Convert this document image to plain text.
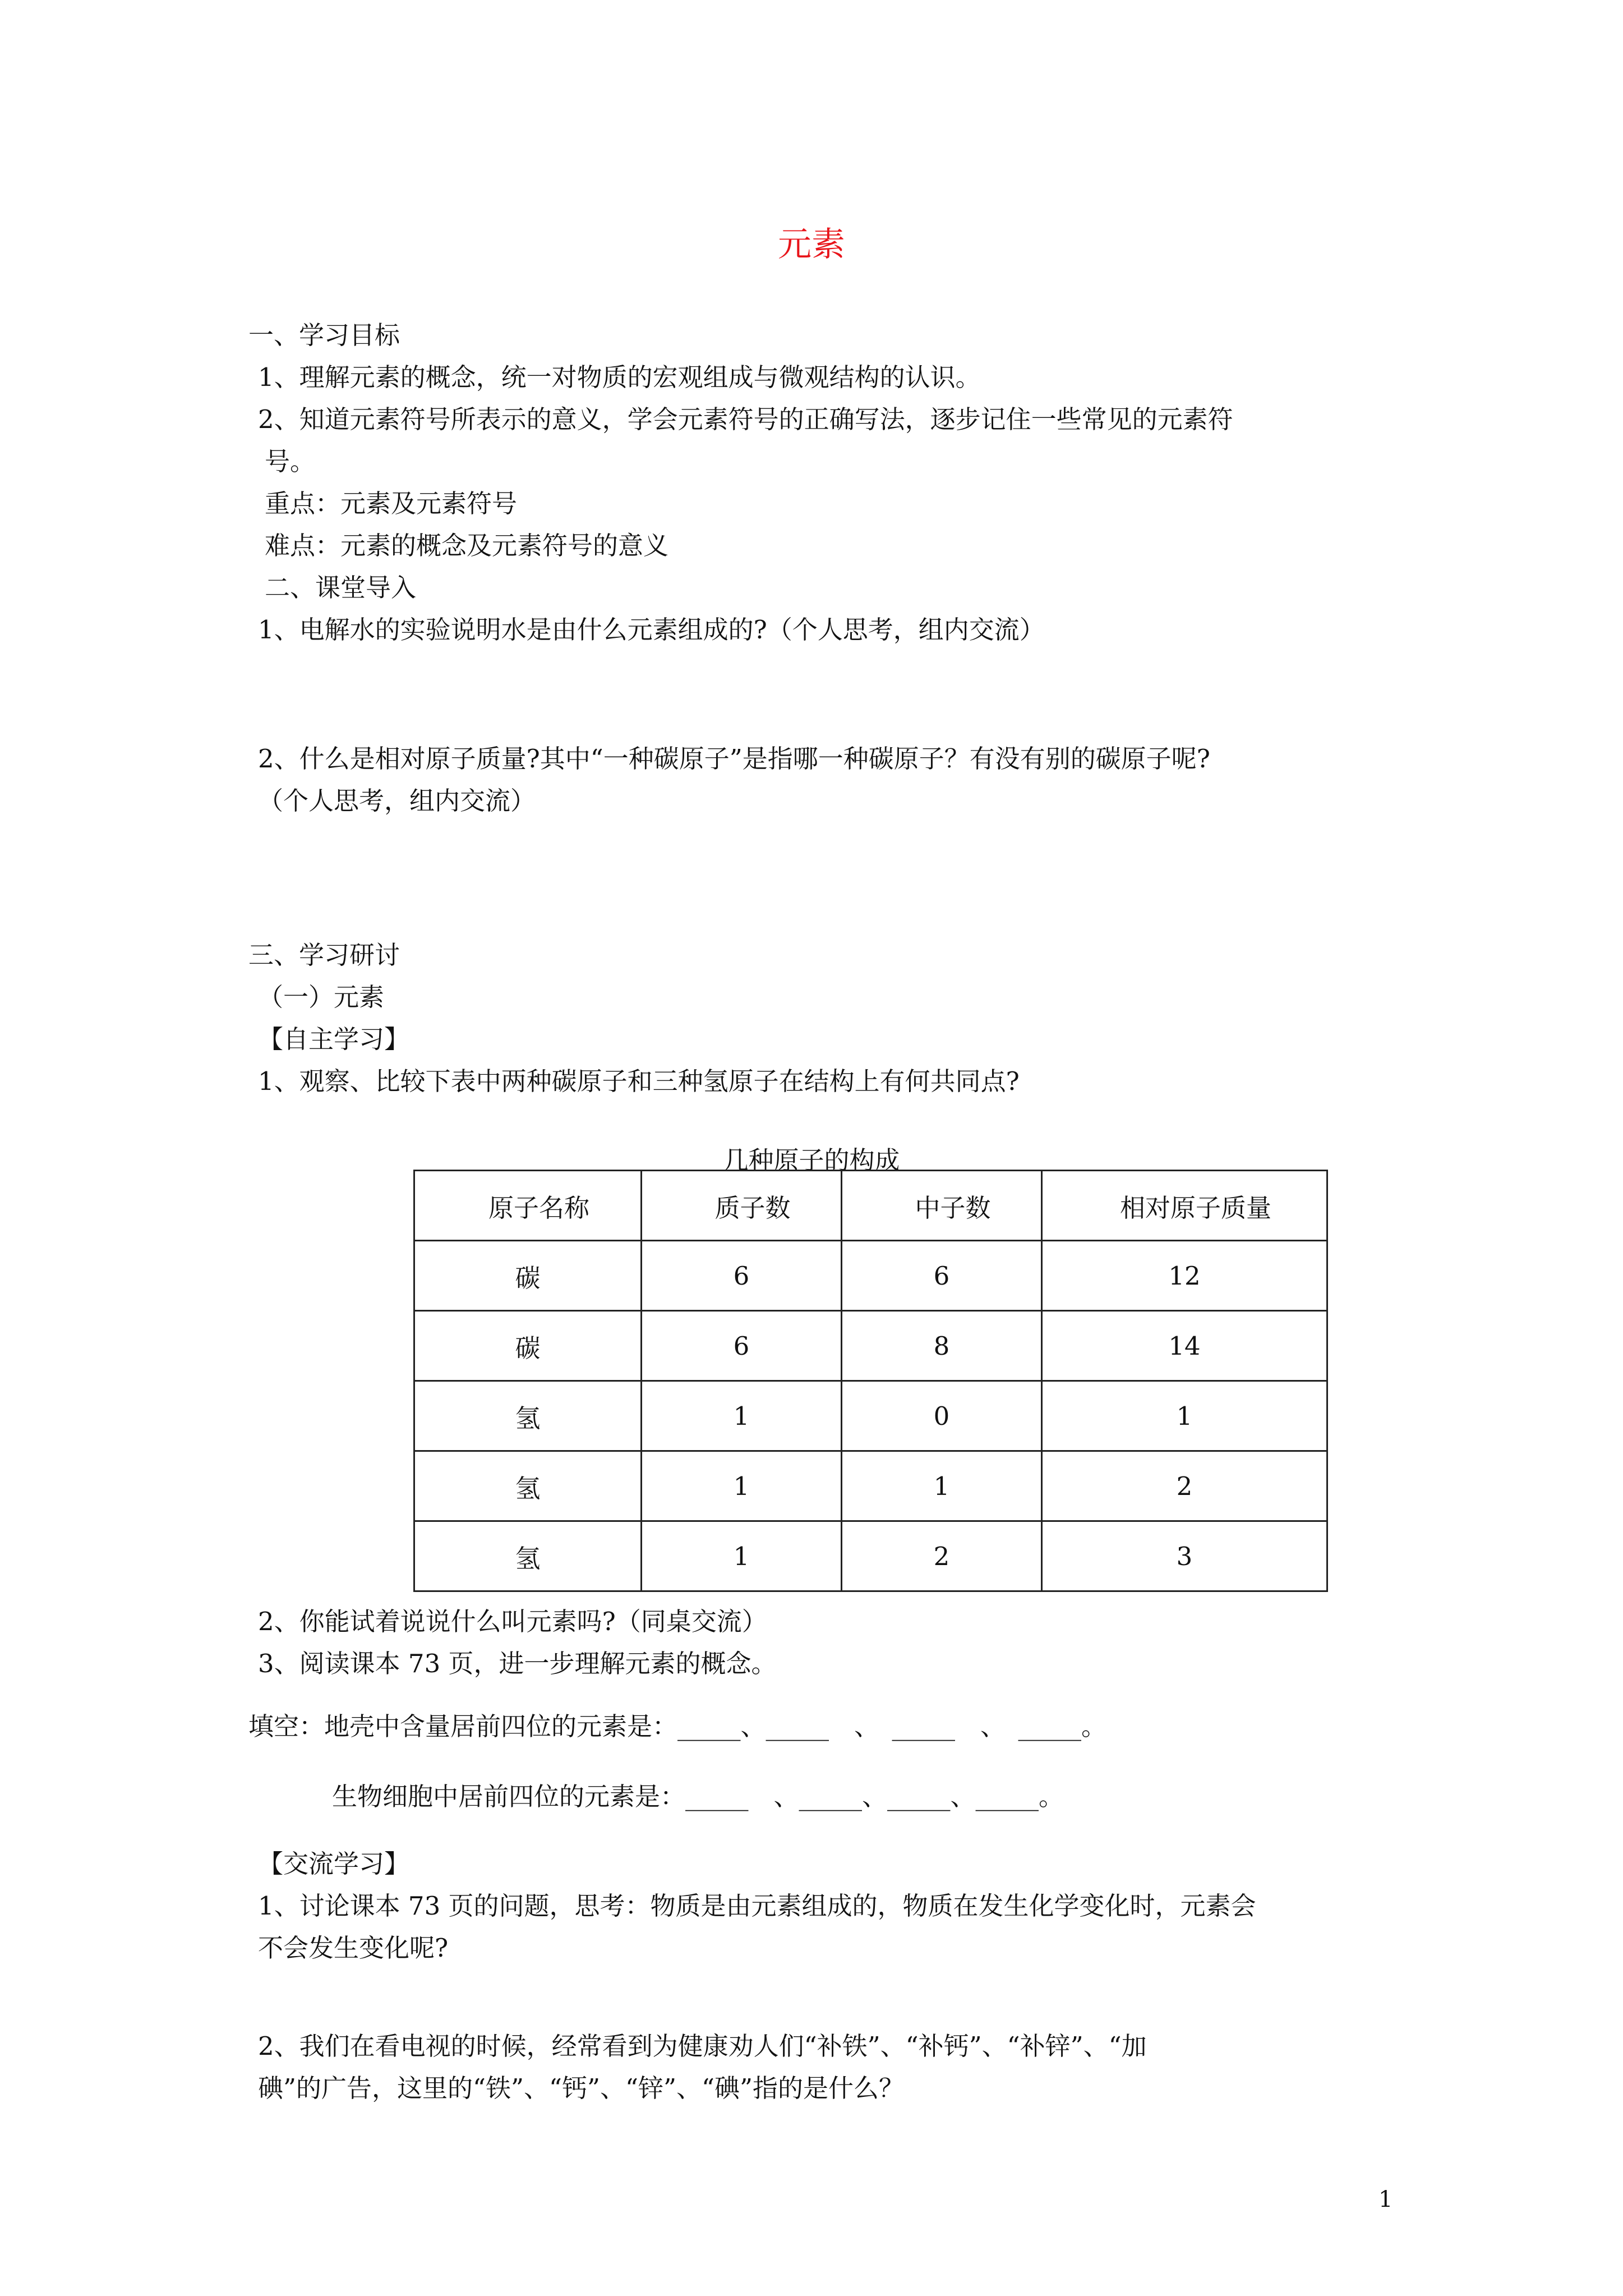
元素
一、学习目标
1、理解元素的概念，统一对物质的宏观组成与微观结构的认识。
2、知道元素符号所表示的意义，学会元素符号的正确写法，逐步记住一些常见的元素符
号。
重点：元素及元素符号
难点：元素的概念及元素符号的意义
二、课堂导入
1、电解水的实验说明水是由什么元素组成的?（个人思考，组内交流）
2、什么是相对原子质量?其中“一种碳原子”是指哪一种碳原子？有没有别的碳原子呢?
（个人思考，组内交流）
三、学习研讨
（一）元素
【自主学习】
1、观察、比较下表中两种碳原子和三种氢原子在结构上有何共同点?
几种原子的构成
原子名称	质子数	中子数	相对原子质量
碳	6	6	12
碳	6	8	14
氢	1	0	1
氢	1	1	2
氢	1	2	3
2、你能试着说说什么叫元素吗?（同桌交流）
3、阅读课本 73 页，进一步理解元素的概念。
填空：地壳中含量居前四位的元素是：_____、_____　、　_____　、　_____。
生物细胞中居前四位的元素是：_____　、_____、_____、_____。
【交流学习】
1、讨论课本 73 页的问题，思考：物质是由元素组成的，物质在发生化学变化时，元素会
不会发生变化呢?
2、我们在看电视的时候，经常看到为健康劝人们“补铁”、“补钙”、“补锌”、“加
碘”的广告，这里的“铁”、“钙”、“锌”、“碘”指的是什么？
1
